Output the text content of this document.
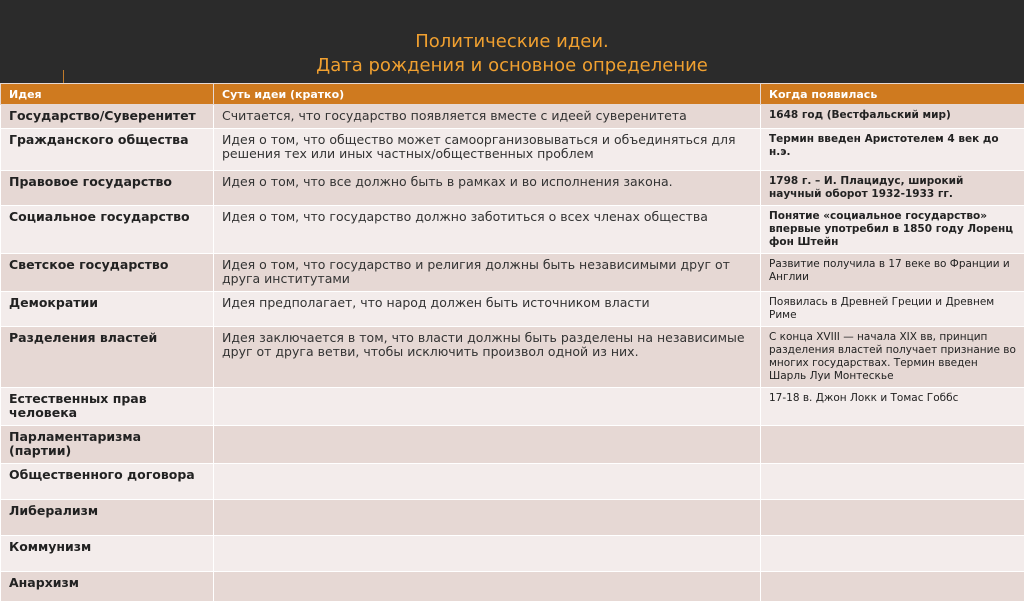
Политические идеи.
Дата рождения и основное определение
Идея	Суть идеи (кратко)	Когда появилась
Государство/Суверенитет	Считается, что государство появляется вместе с идеей суверенитета	1648 год (Вестфальский мир)
Гражданского общества	Идея о том, что общество может самоорганизовываться и объединяться для решения тех или иных частных/общественных проблем	Термин введен Аристотелем 4 век до н.э.
Правовое государство	Идея о том, что все должно быть в рамках и во исполнения закона.	1798 г. – И. Плацидус, широкий научный оборот 1932-1933 гг.
Социальное государство	Идея о том, что государство должно заботиться о всех членах общества	Понятие «социальное государство» впервые употребил в 1850 году Лоренц фон Штейн
Светское государство	Идея о том, что государство и религия должны быть независимыми друг от друга институтами	Развитие получила в 17 веке во Франции и Англии
Демократии	Идея предполагает, что народ должен быть источником власти	Появилась в Древней Греции и Древнем Риме
Разделения властей	Идея заключается в том, что власти должны быть разделены на независимые друг от друга ветви, чтобы исключить произвол одной из них.	С конца XVIII — начала XIX вв, принцип разделения властей получает признание во многих государствах. Термин введен Шарль Луи Монтескье
Естественных прав человека		17-18 в. Джон Локк и Томас Гоббс
Парламентаризма (партии)		
Общественного договора		
Либерализм		
Коммунизм		
Анархизм		
